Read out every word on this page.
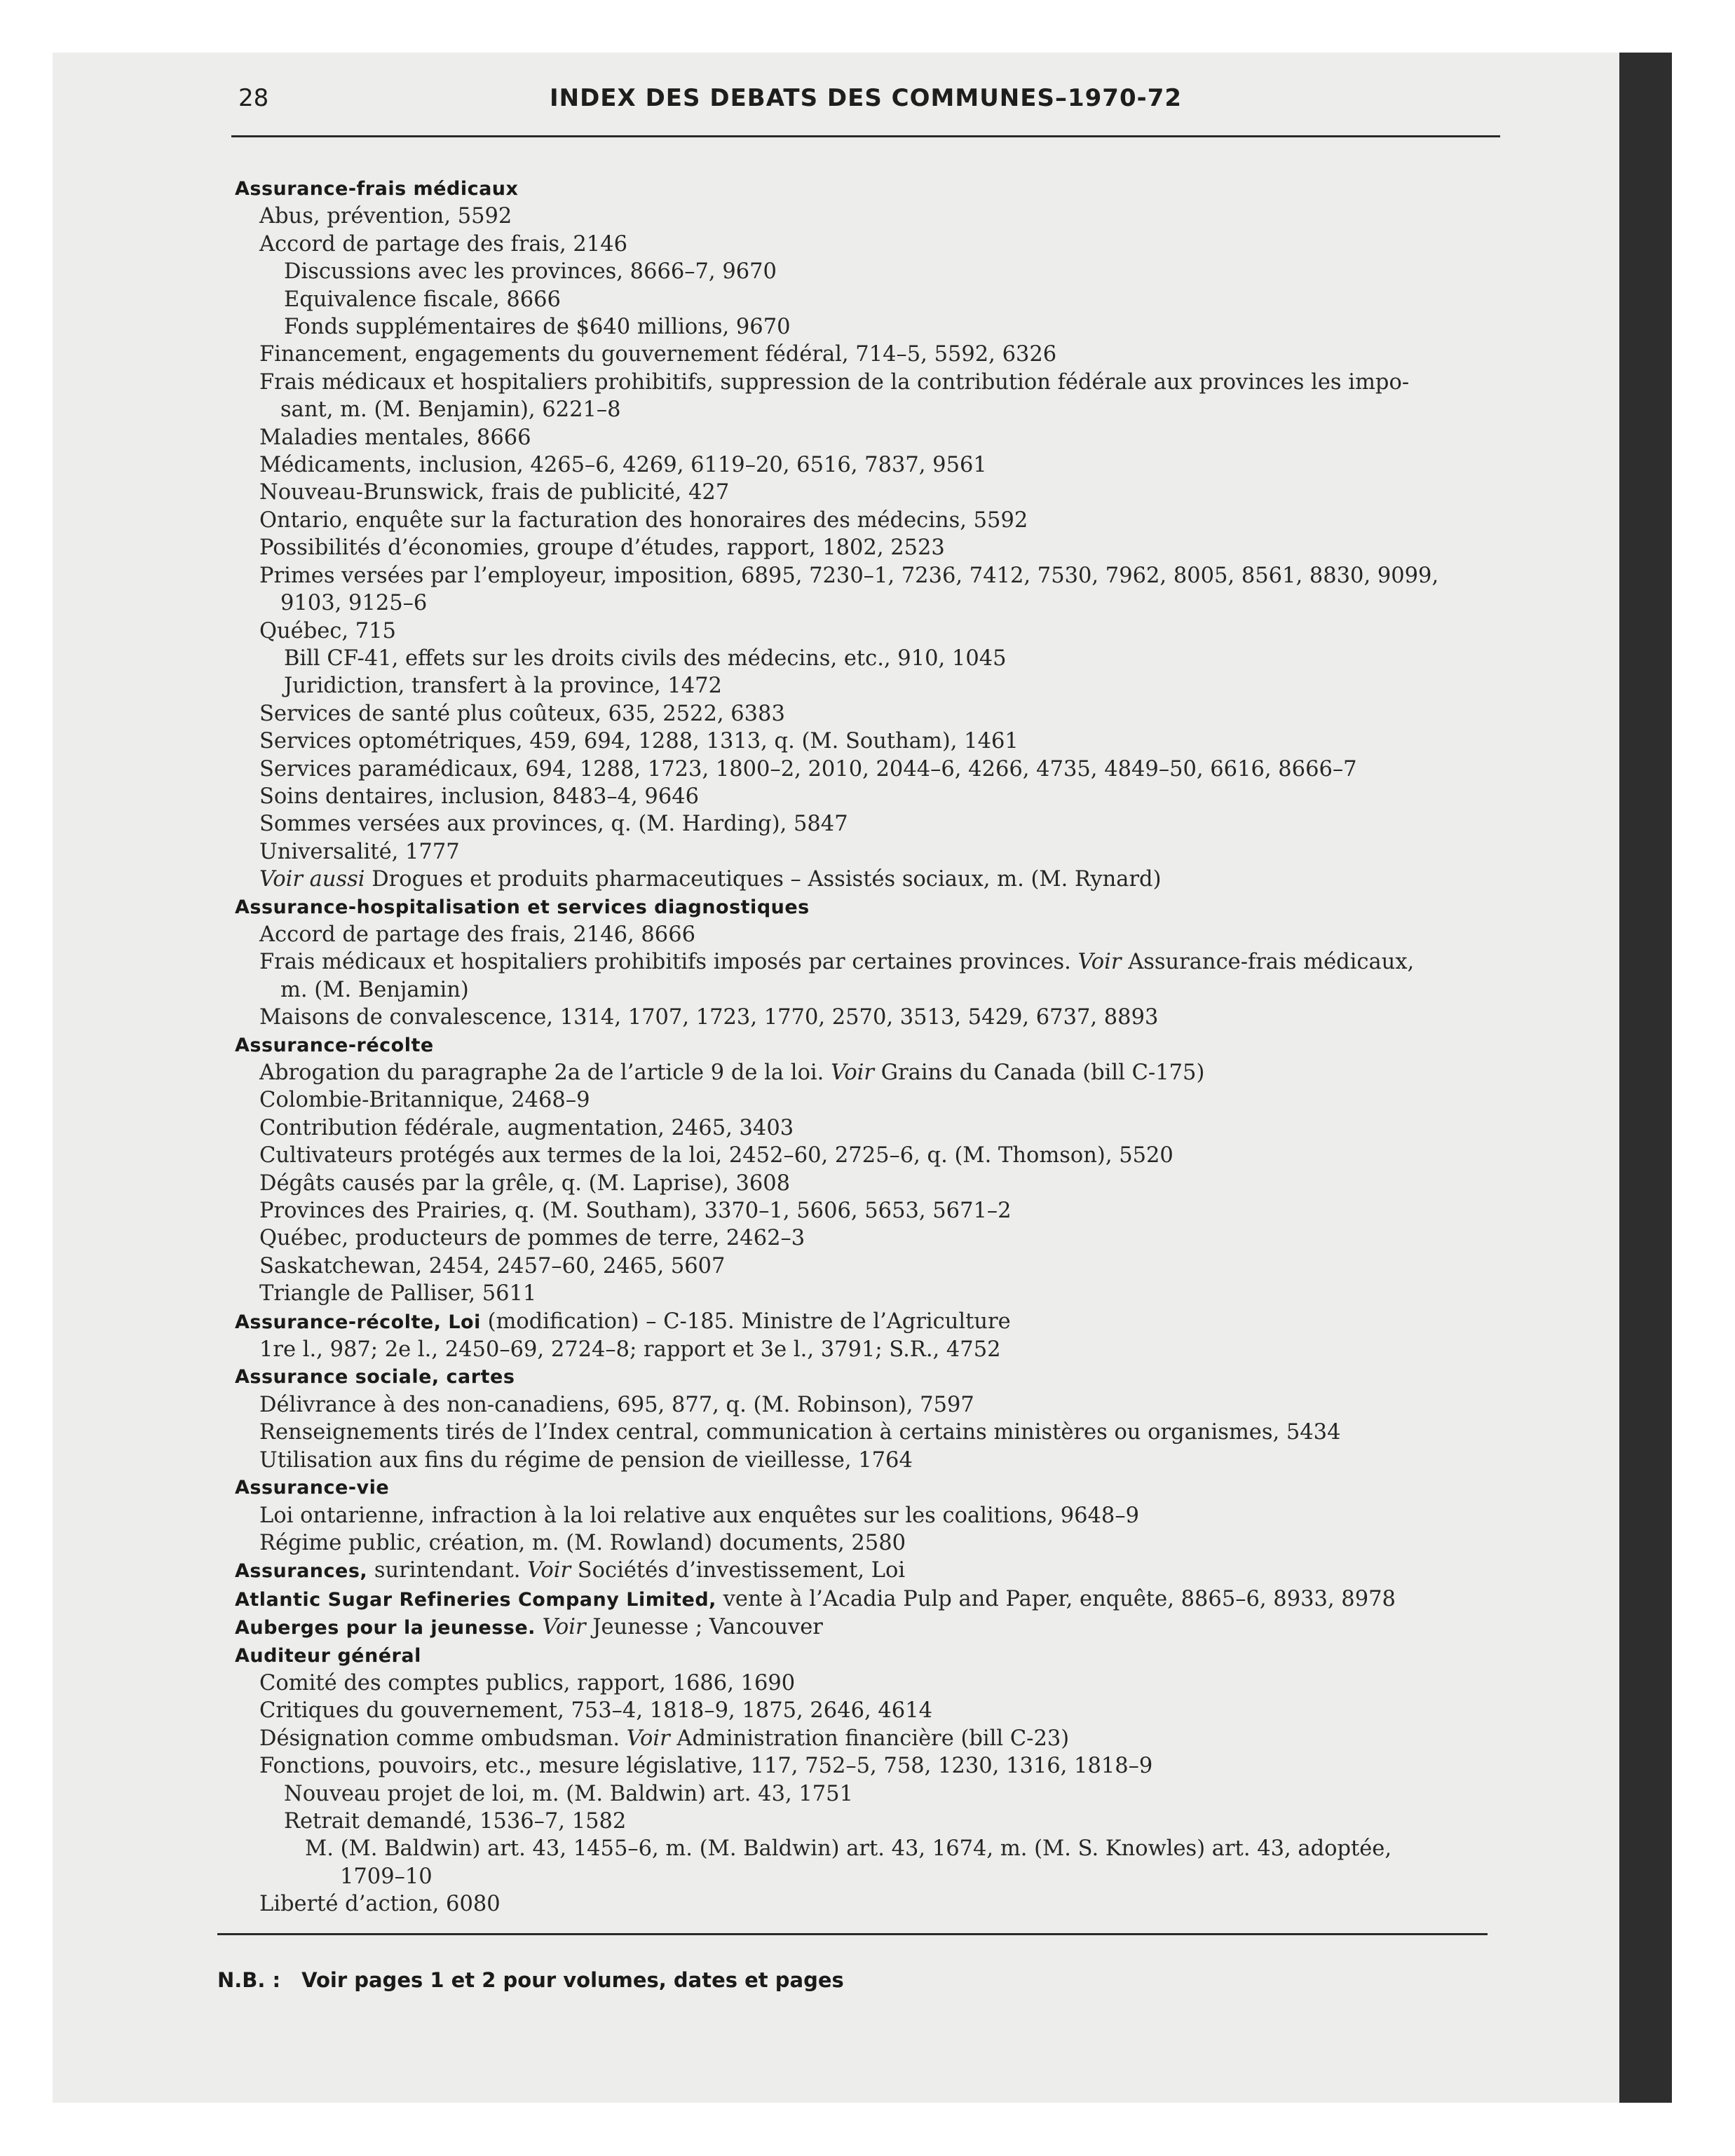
28	INDEX DES DEBATS DES COMMUNES–1970-72
Assurance-frais médicaux
Abus, prévention, 5592
Accord de partage des frais, 2146
Discussions avec les provinces, 8666–7, 9670
Equivalence fiscale, 8666
Fonds supplémentaires de $640 millions, 9670
Financement, engagements du gouvernement fédéral, 714–5, 5592, 6326
Frais médicaux et hospitaliers prohibitifs, suppression de la contribution fédérale aux provinces les impo-
sant, m. (M. Benjamin), 6221–8
Maladies mentales, 8666
Médicaments, inclusion, 4265–6, 4269, 6119–20, 6516, 7837, 9561
Nouveau-Brunswick, frais de publicité, 427
Ontario, enquête sur la facturation des honoraires des médecins, 5592
Possibilités d’économies, groupe d’études, rapport, 1802, 2523
Primes versées par l’employeur, imposition, 6895, 7230–1, 7236, 7412, 7530, 7962, 8005, 8561, 8830, 9099,
9103, 9125–6
Québec, 715
Bill CF-41, effets sur les droits civils des médecins, etc., 910, 1045
Juridiction, transfert à la province, 1472
Services de santé plus coûteux, 635, 2522, 6383
Services optométriques, 459, 694, 1288, 1313, q. (M. Southam), 1461
Services paramédicaux, 694, 1288, 1723, 1800–2, 2010, 2044–6, 4266, 4735, 4849–50, 6616, 8666–7
Soins dentaires, inclusion, 8483–4, 9646
Sommes versées aux provinces, q. (M. Harding), 5847
Universalité, 1777
Voir aussi Drogues et produits pharmaceutiques – Assistés sociaux, m. (M. Rynard)
Assurance-hospitalisation et services diagnostiques
Accord de partage des frais, 2146, 8666
Frais médicaux et hospitaliers prohibitifs imposés par certaines provinces. Voir Assurance-frais médicaux,
m. (M. Benjamin)
Maisons de convalescence, 1314, 1707, 1723, 1770, 2570, 3513, 5429, 6737, 8893
Assurance-récolte
Abrogation du paragraphe 2a de l’article 9 de la loi. Voir Grains du Canada (bill C-175)
Colombie-Britannique, 2468–9
Contribution fédérale, augmentation, 2465, 3403
Cultivateurs protégés aux termes de la loi, 2452–60, 2725–6, q. (M. Thomson), 5520
Dégâts causés par la grêle, q. (M. Laprise), 3608
Provinces des Prairies, q. (M. Southam), 3370–1, 5606, 5653, 5671–2
Québec, producteurs de pommes de terre, 2462–3
Saskatchewan, 2454, 2457–60, 2465, 5607
Triangle de Palliser, 5611
Assurance-récolte, Loi (modification) – C-185. Ministre de l’Agriculture
1re l., 987; 2e l., 2450–69, 2724–8; rapport et 3e l., 3791; S.R., 4752
Assurance sociale, cartes
Délivrance à des non-canadiens, 695, 877, q. (M. Robinson), 7597
Renseignements tirés de l’Index central, communication à certains ministères ou organismes, 5434
Utilisation aux fins du régime de pension de vieillesse, 1764
Assurance-vie
Loi ontarienne, infraction à la loi relative aux enquêtes sur les coalitions, 9648–9
Régime public, création, m. (M. Rowland) documents, 2580
Assurances, surintendant. Voir Sociétés d’investissement, Loi
Atlantic Sugar Refineries Company Limited, vente à l’Acadia Pulp and Paper, enquête, 8865–6, 8933, 8978
Auberges pour la jeunesse. Voir Jeunesse ; Vancouver
Auditeur général
Comité des comptes publics, rapport, 1686, 1690
Critiques du gouvernement, 753–4, 1818–9, 1875, 2646, 4614
Désignation comme ombudsman. Voir Administration financière (bill C-23)
Fonctions, pouvoirs, etc., mesure législative, 117, 752–5, 758, 1230, 1316, 1818–9
Nouveau projet de loi, m. (M. Baldwin) art. 43, 1751
Retrait demandé, 1536–7, 1582
M. (M. Baldwin) art. 43, 1455–6, m. (M. Baldwin) art. 43, 1674, m. (M. S. Knowles) art. 43, adoptée,
1709–10
Liberté d’action, 6080
N.B. : Voir pages 1 et 2 pour volumes, dates et pages
